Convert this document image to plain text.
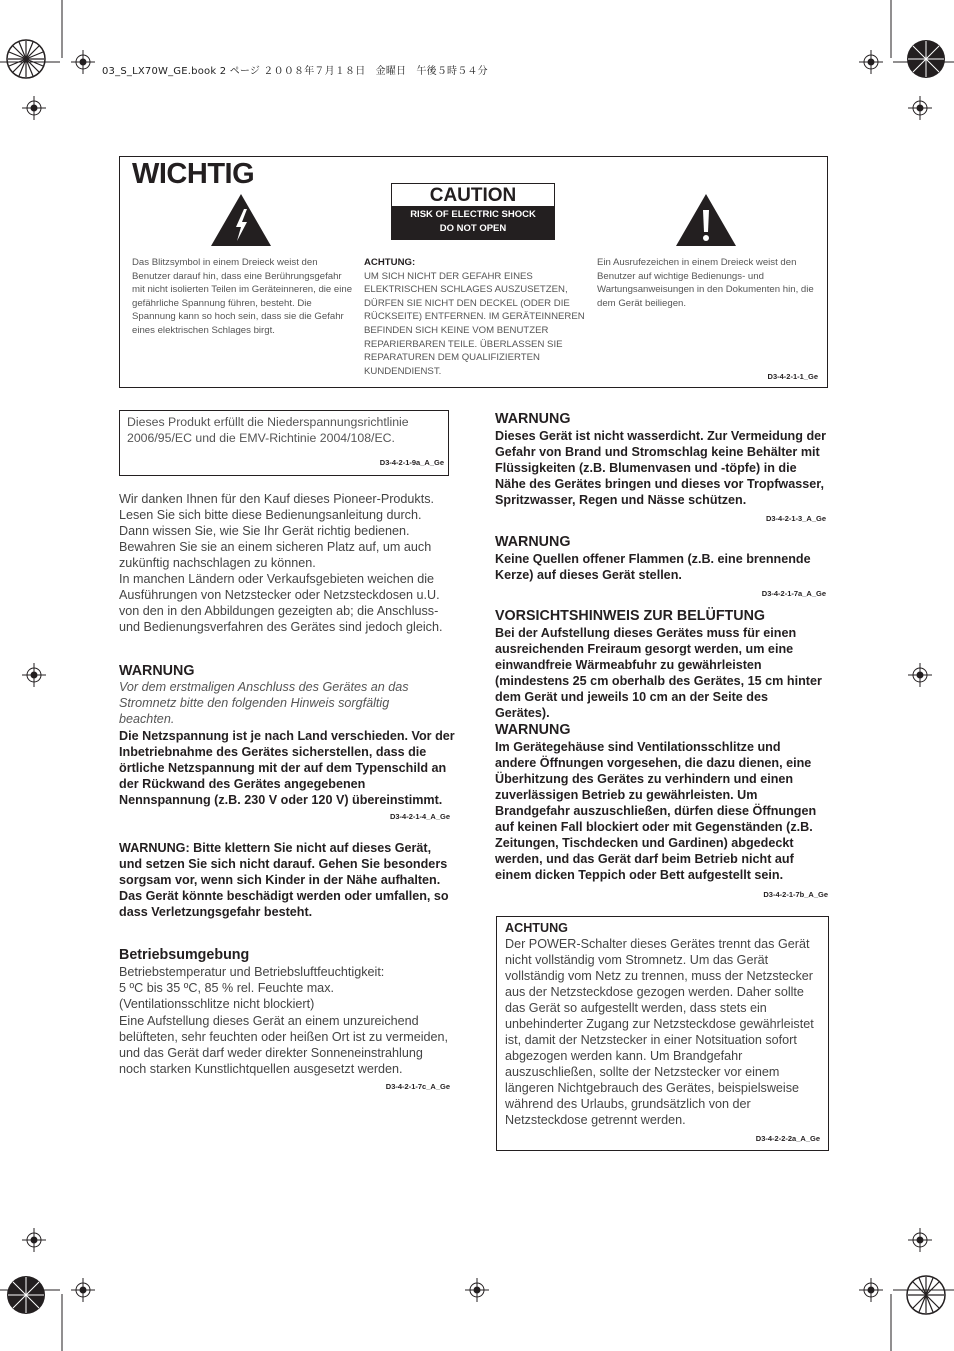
03_S_LX70W_GE.book 2 ページ ２００８年７月１８日　金曜日　午後５時５４分
WICHTIG
CAUTION
RISK OF ELECTRIC SHOCK
DO NOT OPEN
Das Blitzsymbol in einem Dreieck weist den Benutzer darauf hin, dass eine Berührungsgefahr mit nicht isolierten Teilen im Geräteinneren, die eine gefährliche Spannung führen, besteht. Die Spannung kann so hoch sein, dass sie die Gefahr eines elektrischen Schlages birgt.
ACHTUNG:
UM SICH NICHT DER GEFAHR EINES ELEKTRISCHEN SCHLAGES AUSZUSETZEN, DÜRFEN SIE NICHT DEN DECKEL (ODER DIE RÜCKSEITE) ENTFERNEN. IM GERÄTEINNEREN BEFINDEN SICH KEINE VOM BENUTZER REPARIERBAREN TEILE. ÜBERLASSEN SIE REPARATUREN DEM QUALIFIZIERTEN KUNDENDIENST.
Ein Ausrufezeichen in einem Dreieck weist den Benutzer auf wichtige Bedienungs- und Wartungsanweisungen in den Dokumenten hin, die dem Gerät beiliegen.
D3-4-2-1-1_Ge
Dieses Produkt erfüllt die Niederspannungsrichtlinie 2006/95/EC und die EMV-Richtinie 2004/108/EC.
D3-4-2-1-9a_A_Ge
Wir danken Ihnen für den Kauf dieses Pioneer-Produkts. Lesen Sie sich bitte diese Bedienungsanleitung durch. Dann wissen Sie, wie Sie Ihr Gerät richtig bedienen. Bewahren Sie sie an einem sicheren Platz auf, um auch zukünftig nachschlagen zu können.
In manchen Ländern oder Verkaufsgebieten weichen die Ausführungen von Netzstecker oder Netzsteckdosen u.U. von den in den Abbildungen gezeigten ab; die Anschluss- und Bedienungsverfahren des Gerätes sind jedoch gleich.
WARNUNG
Vor dem erstmaligen Anschluss des Gerätes an das Stromnetz bitte den folgenden Hinweis sorgfältig beachten.
Die Netzspannung ist je nach Land verschieden. Vor der Inbetriebnahme des Gerätes sicherstellen, dass die örtliche Netzspannung mit der auf dem Typenschild an der Rückwand des Gerätes angegebenen Nennspannung (z.B. 230 V oder 120 V) übereinstimmt.
D3-4-2-1-4_A_Ge
WARNUNG: Bitte klettern Sie nicht auf dieses Gerät, und setzen Sie sich nicht darauf. Gehen Sie besonders sorgsam vor, wenn sich Kinder in der Nähe aufhalten. Das Gerät könnte beschädigt werden oder umfallen, so dass Verletzungsgefahr besteht.
Betriebsumgebung
Betriebstemperatur und Betriebsluftfeuchtigkeit:
5 ºC bis 35 ºC, 85 % rel. Feuchte max.
(Ventilationsschlitze nicht blockiert)
Eine Aufstellung dieses Gerät an einem unzureichend belüfteten, sehr feuchten oder heißen Ort ist zu vermeiden, und das Gerät darf weder direkter Sonneneinstrahlung noch starken Kunstlichtquellen ausgesetzt werden.
D3-4-2-1-7c_A_Ge
WARNUNG
Dieses Gerät ist nicht wasserdicht. Zur Vermeidung der Gefahr von Brand und Stromschlag keine Behälter mit Flüssigkeiten (z.B. Blumenvasen und -töpfe) in die Nähe des Gerätes bringen und dieses vor Tropfwasser, Spritzwasser, Regen und Nässe schützen.
D3-4-2-1-3_A_Ge
WARNUNG
Keine Quellen offener Flammen (z.B. eine brennende Kerze) auf dieses Gerät stellen.
D3-4-2-1-7a_A_Ge
VORSICHTSHINWEIS ZUR BELÜFTUNG
Bei der Aufstellung dieses Gerätes muss für einen ausreichenden Freiraum gesorgt werden, um eine einwandfreie Wärmeabfuhr zu gewährleisten (mindestens 25 cm oberhalb des Gerätes, 15 cm hinter dem Gerät und jeweils 10 cm an der Seite des Gerätes).
WARNUNG
Im Gerätegehäuse sind Ventilationsschlitze und andere Öffnungen vorgesehen, die dazu dienen, eine Überhitzung des Gerätes zu verhindern und einen zuverlässigen Betrieb zu gewährleisten. Um Brandgefahr auszuschließen, dürfen diese Öffnungen auf keinen Fall blockiert oder mit Gegenständen (z.B. Zeitungen, Tischdecken und Gardinen) abgedeckt werden, und das Gerät darf beim Betrieb nicht auf einem dicken Teppich oder Bett aufgestellt sein.
D3-4-2-1-7b_A_Ge
ACHTUNG
Der POWER-Schalter dieses Gerätes trennt das Gerät nicht vollständig vom Stromnetz. Um das Gerät vollständig vom Netz zu trennen, muss der Netzstecker aus der Netzsteckdose gezogen werden. Daher sollte das Gerät so aufgestellt werden, dass stets ein unbehinderter Zugang zur Netzsteckdose gewährleistet ist, damit der Netzstecker in einer Notsituation sofort abgezogen werden kann. Um Brandgefahr auszuschließen, sollte der Netzstecker vor einem längeren Nichtgebrauch des Gerätes, beispielsweise während des Urlaubs, grundsätzlich von der Netzsteckdose getrennt werden.
D3-4-2-2-2a_A_Ge
